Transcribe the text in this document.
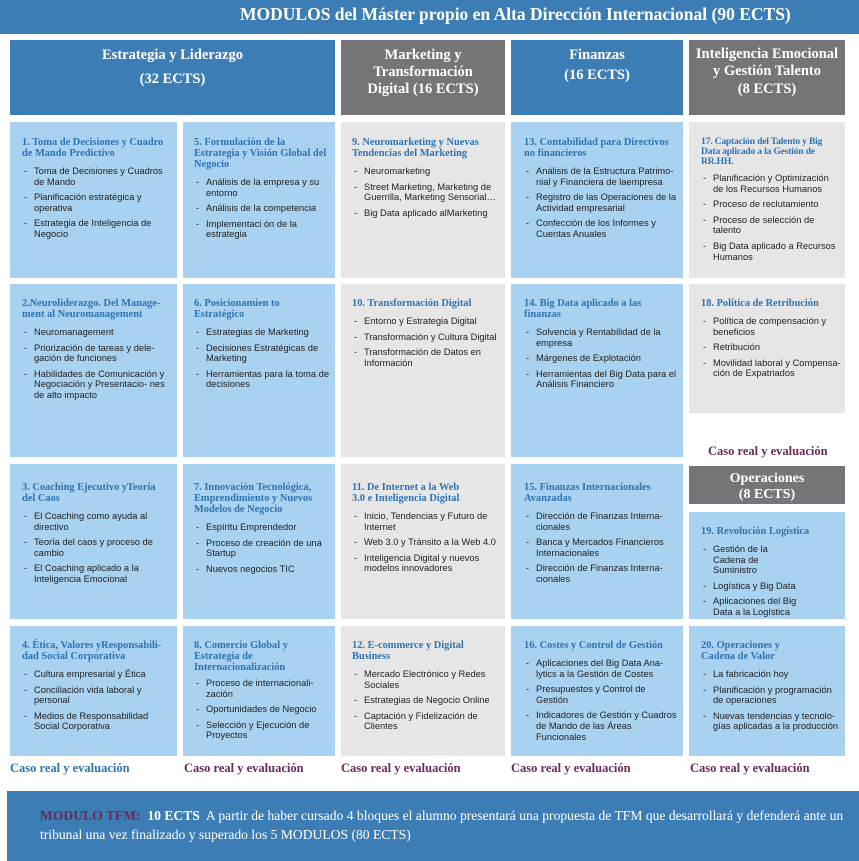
MODULOS del Máster propio en Alta Dirección Internacional (90 ECTS)
Estrategia y Liderazgo
(32 ECTS)
Marketing y Transformación Digital (16 ECTS)
Finanzas
(16 ECTS)
Inteligencia Emocional y Gestión Talento
(8 ECTS)
1. Toma de Decisiones y Cuadro de Mando Predictivo
- Toma de Decisiones y Cuadros de Mando
- Planificación estratégica y operativa
- Estrategia de Inteligencia de Negocio
2.Neuroliderazgo. Del Manage- ment al Neuromanagement
- Neuromanagement
- Priorización de tareas y dele- gación de funciones
- Habilidades de Comunicación y Negociación y Presentacio- nes de alto impacto
3. Coaching Ejecutivo yTeoría del Caos
- El Coaching como ayuda al directivo
- Teoría del caos y proceso de cambio
- El Coaching aplicado a la Inteligencia Emocional
4. Ética, Valores yResponsabili- dad Social Corporativa
- Cultura empresarial y Ética
- Conciliación vida laboral y personal
- Medios de Responsabilidad Social Corporativa
5. Formulación de la Estrategia y Visión Global del Negocio
- Análisis de la empresa y su entorno
- Análisis de la competencia
- Implementaci ón de la estrategia
6. Posicionamien to Estratégico
- Estrategias de Marketing
- Decisiones Estratégicas de Marketing
- Herramientas para la toma de decisiones
7. Innovación Tecnológica, Emprendimiento y Nuevos Modelos de Negocio
- Espíritu Emprendedor
- Proceso de creación de una Startup
- Nuevos negocios TIC
8. Comercio Global y Estrategia de Internacionalización
- Proceso de internacionali- zación
- Oportunidades de Negocio
- Selección y Ejecución de Proyectos
9. Neuromarketing y Nuevas Tendencias del Marketing
- Neuromarketing
- Street Marketing, Marketing de Guerrilla, Marketing Sensorial…
- Big Data aplicado alMarketing
10. Transformación Digital
- Entorno y Estrategia Digital
- Transformación y Cultura Digital
- Transformación de Datos en Información
11. De Internet a la Web 3.0 e Inteligencia Digital
- Inicio, Tendencias y Futuro de Internet
- Web 3.0 y Tránsito a la Web 4.0
- Inteligencia Digital y nuevos modelos innovadores
12. E-commerce y Digital Business
- Mercado Electrónico y Redes Sociales
- Estrategias de Negocio Online
- Captación y Fidelización de Clientes
13. Contabilidad para Directivos no financieros
- Análisis de la Estructura Patrimo- nial y Financiera de laempresa
- Registro de las Operaciones de la Actividad empresarial
- Confección de los Informes y Cuentas Anuales
14. Big Data aplicado a las finanzas
- Solvencia y Rentabilidad de la empresa
- Márgenes de Explotación
- Herramientas del Big Data para el Análisis Financiero
15. Finanzas Internacionales Avanzadas
- Dirección de Finanzas Interna- cionales
- Banca y Mercados Financieros Internacionales
- Dirección de Finanzas Interna- cionales
16. Costes y Control de Gestión
- Aplicaciones del Big Data Ana- lytics a la Gestión de Costes
- Presupuestos y Control de Gestión
- Indicadores de Gestión y Cuadros de Mando de las Áreas Funcionales
17. Captación del Talento y Big Data aplicado a la Gestión de RR.HH.
- Planificación y Optimización de los Recursos Humanos
- Proceso de reclutamiento
- Proceso de selección de talento
- Big Data aplicado a Recursos Humanos
18. Política de Retribución
- Política de compensación y beneficios
- Retribución
- Movilidad laboral y Compensa- ción de Expatriados
Caso real y evaluación
Operaciones
(8 ECTS)
19. Revolución Logística
- Gestión de la Cadena de Suministro
- Logística y Big Data
- Aplicaciones del Big Data a la Logística
20. Operaciones y Cadena de Valor
- La fabricación hoy
- Planificación y programación de operaciones
- Nuevas tendencias y tecnolo- gías aplicadas a la producción
Caso real y evaluación	Caso real y evaluación	Caso real y evaluación	Caso real y evaluación	Caso real y evaluación
MODULO TFM: 10 ECTS A partir de haber cursado 4 bloques el alumno presentará una propuesta de TFM que desarrollará y defenderá ante un tribunal una vez finalizado y superado los 5 MODULOS (80 ECTS)
